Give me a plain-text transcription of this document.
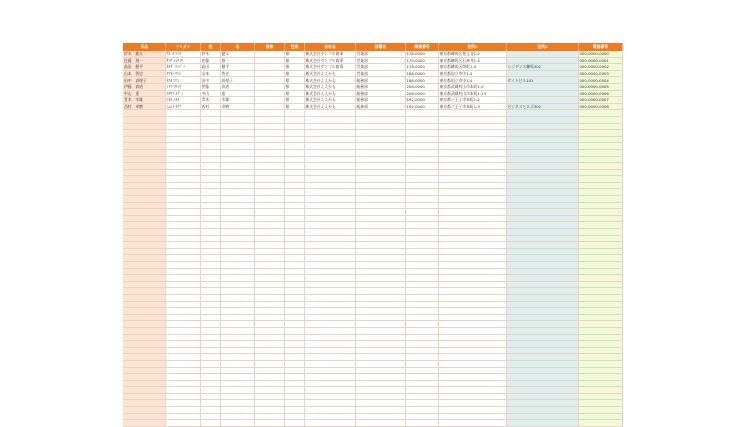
氏名	フリガナ	姓	名	敬称	性別	会社名	部署名	郵便番号	住所1	住所2	電話番号
鈴木　健太	ｽｽﾞｷ ｹﾝﾀ	鈴木	健太		様	株式会社サンプル商事	営業部	176-0000	東京都練馬区豊玉北1-2		000-0000-0000
佐藤　翔一	ｻﾄｳ ｼｮｳｲﾁ	佐藤	翔一		様	株式会社サンプル商事	営業部	179-0000	東京都練馬区石神井1-2		000-0000-0001
高田　健平	ﾀｶﾀﾞ ｹﾝﾍﾟｲ	高田	健平		様	株式会社サンプル商事	営業部	178-0000	東京都練馬区関町1-4	レジデンス練馬301	000-0000-0002
山本　智史	ﾔﾏﾓﾄ ｻﾄｼ	山本	智史		様	株式会社ええかも	営業部	186-0000	東京都国立市中1-4		000-0000-0003
田中　真理子	ﾀﾅｶ ﾏﾘｺ	田中	真理子		様	株式会社ええかも	総務部	186-0000	東京都国立市中1-4	サイトビル101	000-0000-0004
伊藤　真道	ｲﾄｳ ﾏｻﾐﾁ	伊藤	真道		様	株式会社ええかも	総務部	208-0000	東京都武蔵村山市本町1-5		000-0000-0005
中山　恵	ﾅｶﾔﾏ ﾒｸﾞﾐ	中山	恵		様	株式会社ええかも	総務部	208-0000	東京都武蔵村山市本町1-13		000-0000-0006
青木　幸雄	ｱｵｷ ﾕｷｵ	青木	幸雄		様	株式会社ええかも	総務部	192-0000	東京都八王子市本町1-2		000-0000-0007
西村　卓磨	ﾆｼﾑﾗ ﾀｸﾏ	西村	卓磨		様	株式会社ええかも	総務部	192-0000	東京都八王子市本町1-5	ビジネスヒルズ301	000-0000-0008
